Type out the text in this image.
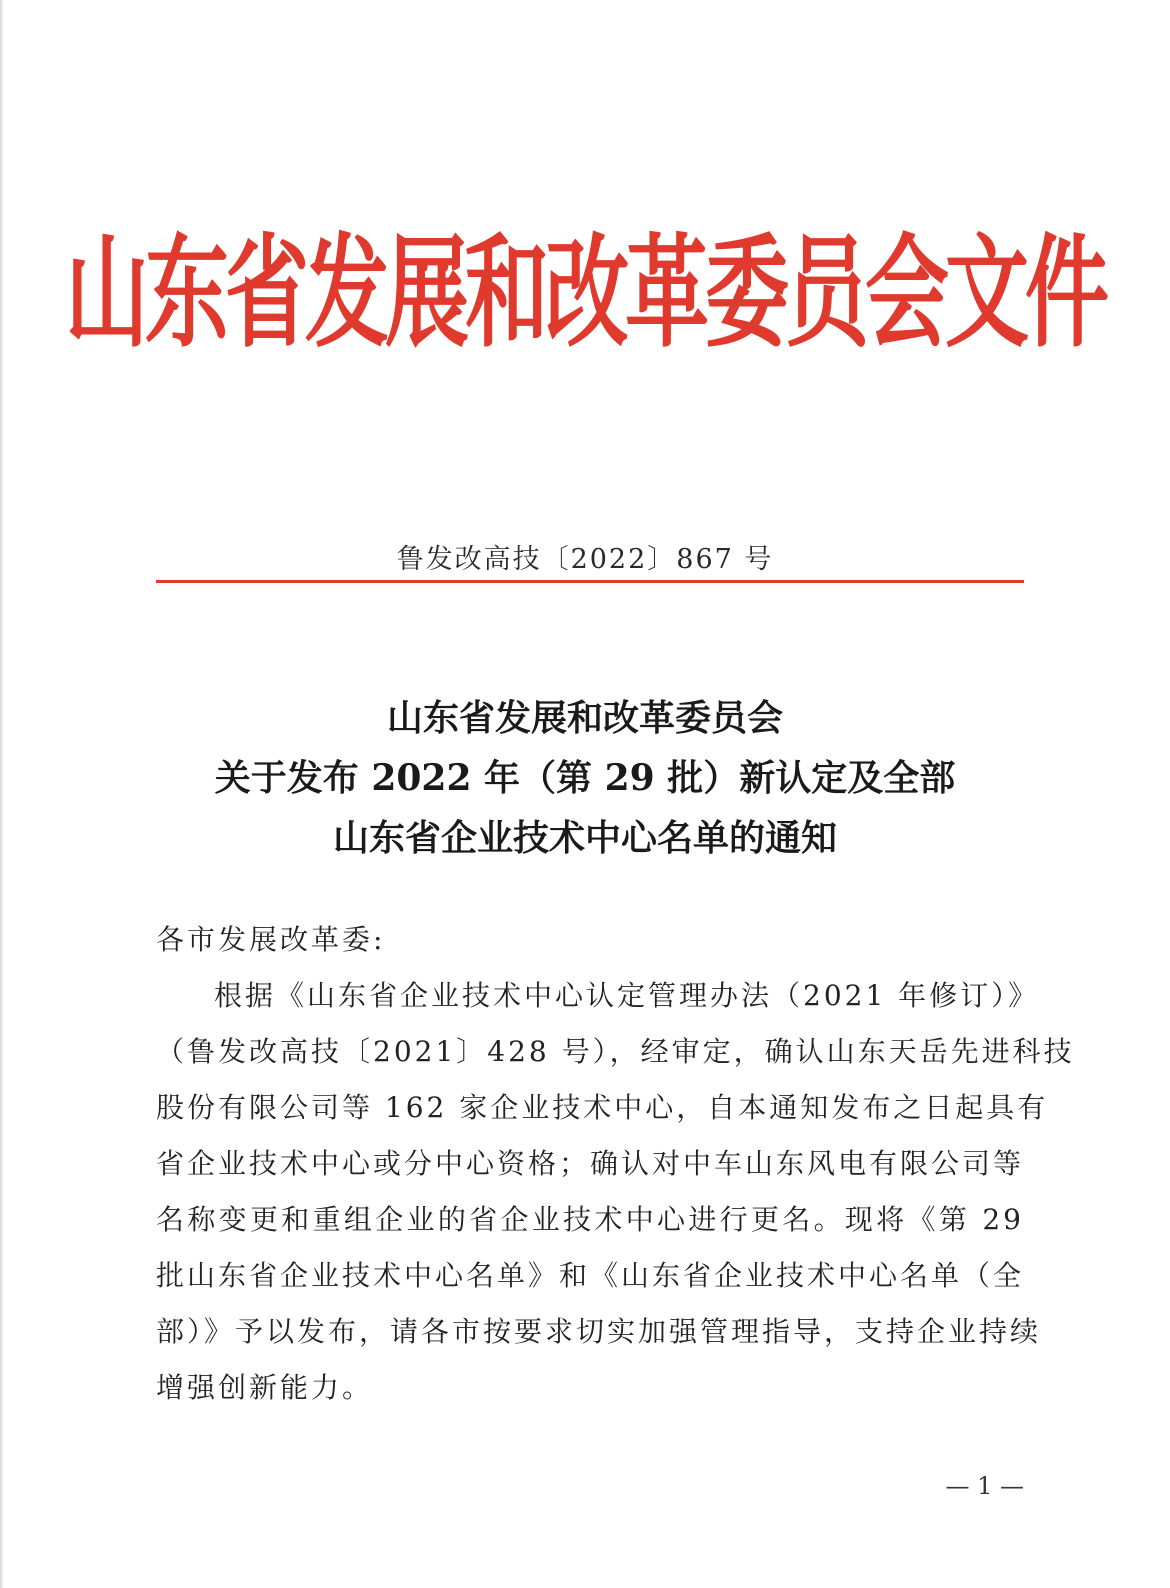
山东省发展和改革委员会文件
鲁发改高技〔2022〕867 号
山东省发展和改革委员会
关于发布 2022 年（第 29 批）新认定及全部
山东省企业技术中心名单的通知
各市发展改革委:
根据《山东省企业技术中心认定管理办法（2021 年修订）》
（鲁发改高技〔2021〕428 号），经审定，确认山东天岳先进科技
股份有限公司等 162 家企业技术中心，自本通知发布之日起具有
省企业技术中心或分中心资格；确认对中车山东风电有限公司等
名称变更和重组企业的省企业技术中心进行更名。现将《第 29
批山东省企业技术中心名单》和《山东省企业技术中心名单（全
部）》予以发布，请各市按要求切实加强管理指导，支持企业持续
增强创新能力。
— 1 —
